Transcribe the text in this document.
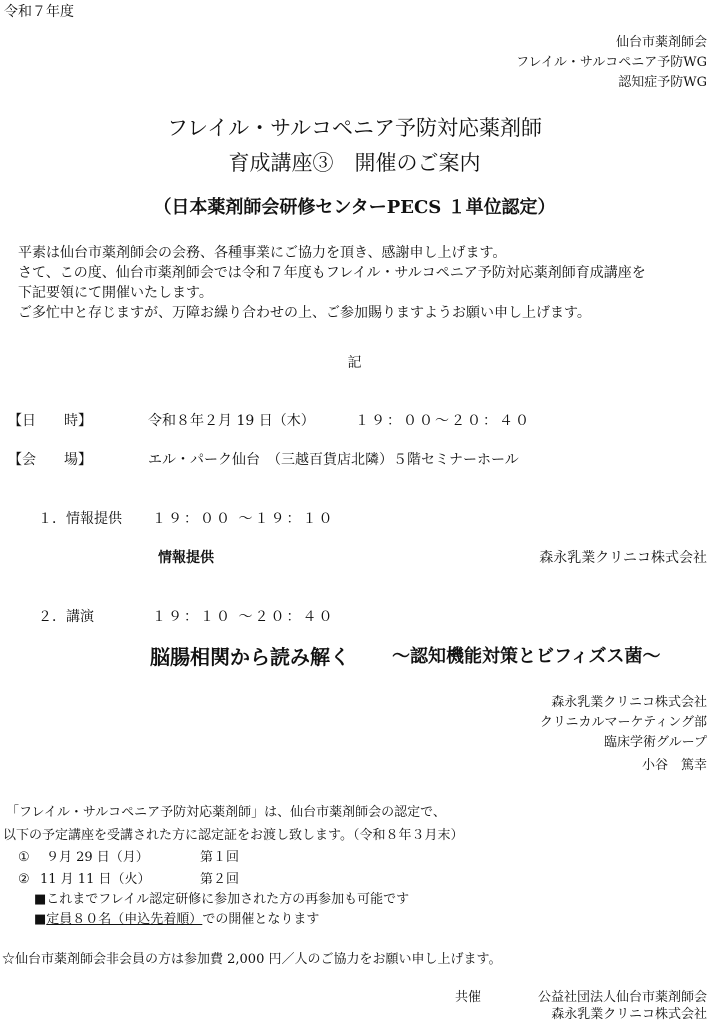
令和７年度
仙台市薬剤師会
フレイル・サルコペニア予防WG
認知症予防WG
フレイル・サルコペニア予防対応薬剤師
育成講座③　開催のご案内
（日本薬剤師会研修センターPECS １単位認定）
平素は仙台市薬剤師会の会務、各種事業にご協力を頂き、感謝申し上げます。
さて、この度、仙台市薬剤師会では令和７年度もフレイル・サルコペニア予防対応薬剤師育成講座を
下記要領にて開催いたします。
ご多忙中と存じますが、万障お繰り合わせの上、ご参加賜りますようお願い申し上げます。
記
【日　　時】	令和８年２月 19 日（木）	１９：００～２０：４０
【会　　場】	エル・パーク仙台　（三越百貨店北隣）５階セミナーホール
１．情報提供 １９：００ ～１９：１０
情報提供	森永乳業クリニコ株式会社
２．講演	１９：１０ ～２０：４０
脳腸相関から読み解く ～認知機能対策とビフィズス菌～
森永乳業クリニコ株式会社
クリニカルマーケティング部
臨床学術グループ
小谷　篤幸
「フレイル・サルコペニア予防対応薬剤師」は、仙台市薬剤師会の認定で、
以下の予定講座を受講された方に認定証をお渡し致します。（令和８年３月末）
① ９月 29 日（月）	第１回
② 11 月 11 日（火）	第２回
■これまでフレイル認定研修に参加された方の再参加も可能です
■定員８０名（申込先着順）での開催となります
☆仙台市薬剤師会非会員の方は参加費 2,000 円／人のご協力をお願い申し上げます。
共催	公益社団法人仙台市薬剤師会
森永乳業クリニコ株式会社
